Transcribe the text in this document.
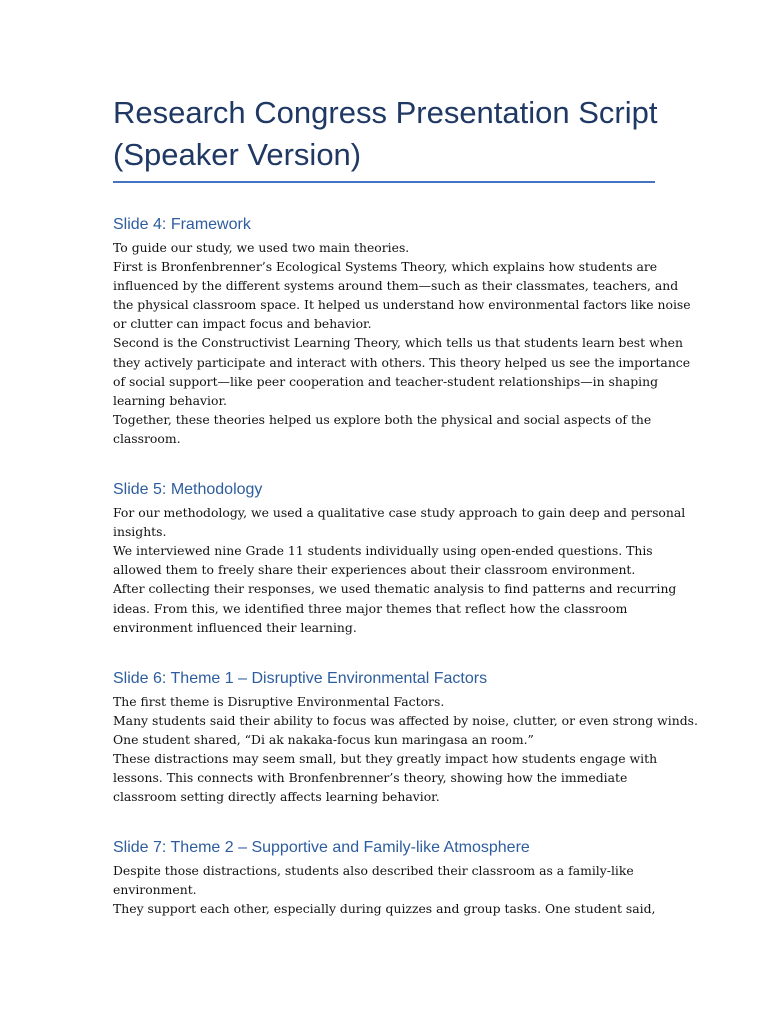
Research Congress Presentation Script
(Speaker Version)
Slide 4: Framework
To guide our study, we used two main theories.
First is Bronfenbrenner’s Ecological Systems Theory, which explains how students are
influenced by the different systems around them—such as their classmates, teachers, and
the physical classroom space. It helped us understand how environmental factors like noise
or clutter can impact focus and behavior.
Second is the Constructivist Learning Theory, which tells us that students learn best when
they actively participate and interact with others. This theory helped us see the importance
of social support—like peer cooperation and teacher-student relationships—in shaping
learning behavior.
Together, these theories helped us explore both the physical and social aspects of the
classroom.
Slide 5: Methodology
For our methodology, we used a qualitative case study approach to gain deep and personal
insights.
We interviewed nine Grade 11 students individually using open-ended questions. This
allowed them to freely share their experiences about their classroom environment.
After collecting their responses, we used thematic analysis to find patterns and recurring
ideas. From this, we identified three major themes that reflect how the classroom
environment influenced their learning.
Slide 6: Theme 1 – Disruptive Environmental Factors
The first theme is Disruptive Environmental Factors.
Many students said their ability to focus was affected by noise, clutter, or even strong winds.
One student shared, “Di ak nakaka-focus kun maringasa an room.”
These distractions may seem small, but they greatly impact how students engage with
lessons. This connects with Bronfenbrenner’s theory, showing how the immediate
classroom setting directly affects learning behavior.
Slide 7: Theme 2 – Supportive and Family-like Atmosphere
Despite those distractions, students also described their classroom as a family-like
environment.
They support each other, especially during quizzes and group tasks. One student said,
